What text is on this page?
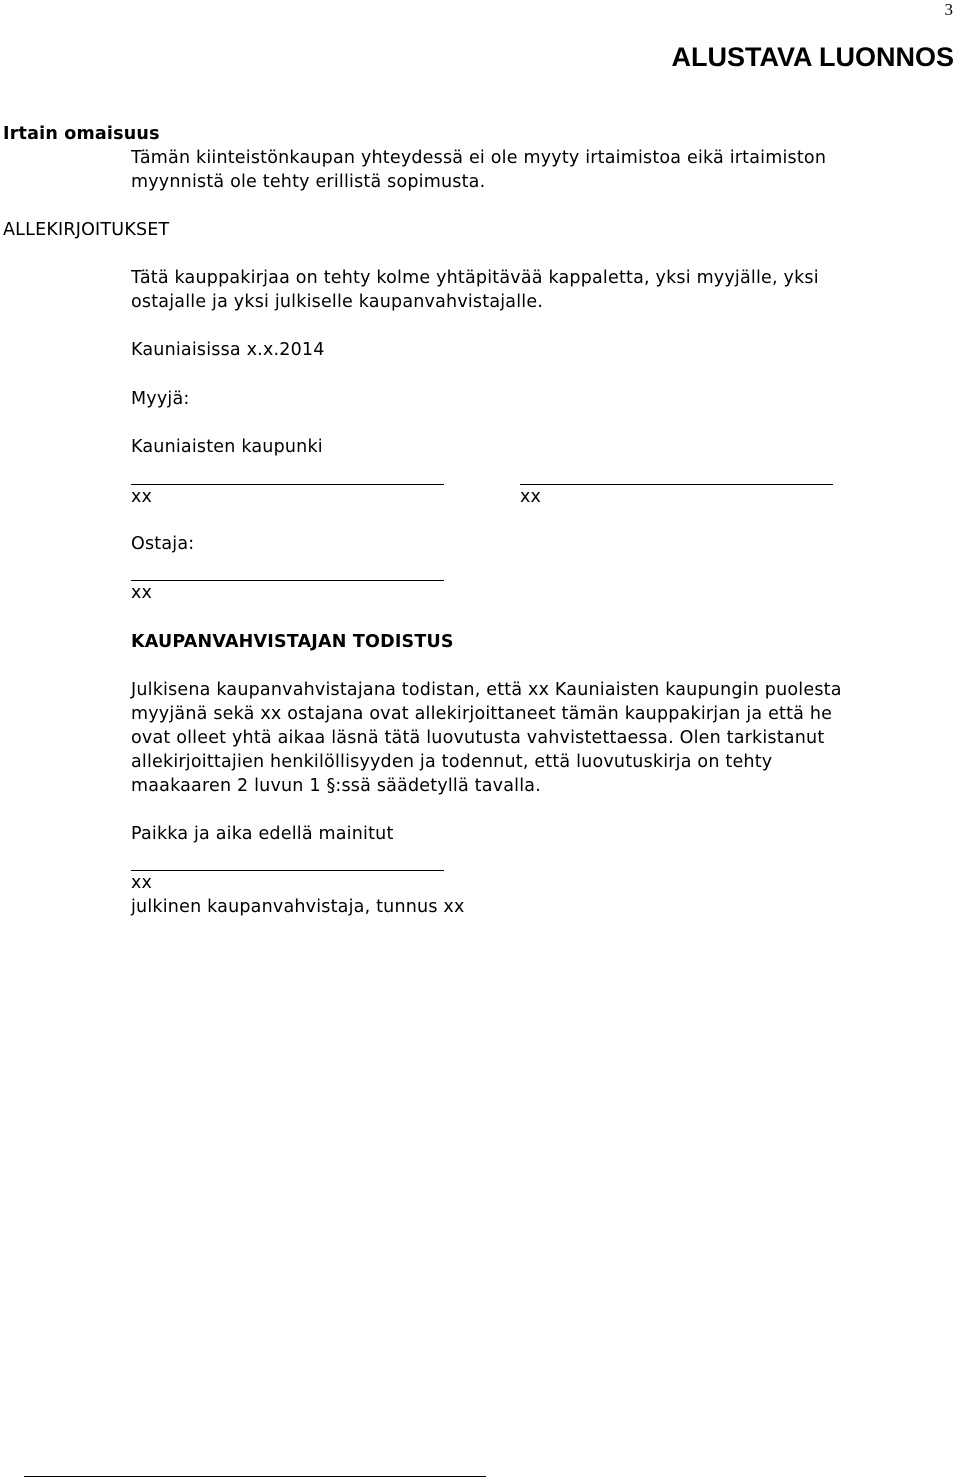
3
ALUSTAVA LUONNOS
Irtain omaisuus
Tämän kiinteistönkaupan yhteydessä ei ole myyty irtaimistoa eikä irtaimiston
myynnistä ole tehty erillistä sopimusta.
ALLEKIRJOITUKSET
Tätä kauppakirjaa on tehty kolme yhtäpitävää kappaletta, yksi myyjälle, yksi
ostajalle ja yksi julkiselle kaupanvahvistajalle.
Kauniaisissa x.x.2014
Myyjä:
Kauniaisten kaupunki
xx	xx
Ostaja:
xx
KAUPANVAHVISTAJAN TODISTUS
Julkisena kaupanvahvistajana todistan, että xx Kauniaisten kaupungin puolesta
myyjänä sekä xx ostajana ovat allekirjoittaneet tämän kauppakirjan ja että he
ovat olleet yhtä aikaa läsnä tätä luovutusta vahvistettaessa. Olen tarkistanut
allekirjoittajien henkilöllisyyden ja todennut, että luovutuskirja on tehty
maakaaren 2 luvun 1 §:ssä säädetyllä tavalla.
Paikka ja aika edellä mainitut
xx
julkinen kaupanvahvistaja, tunnus xx
